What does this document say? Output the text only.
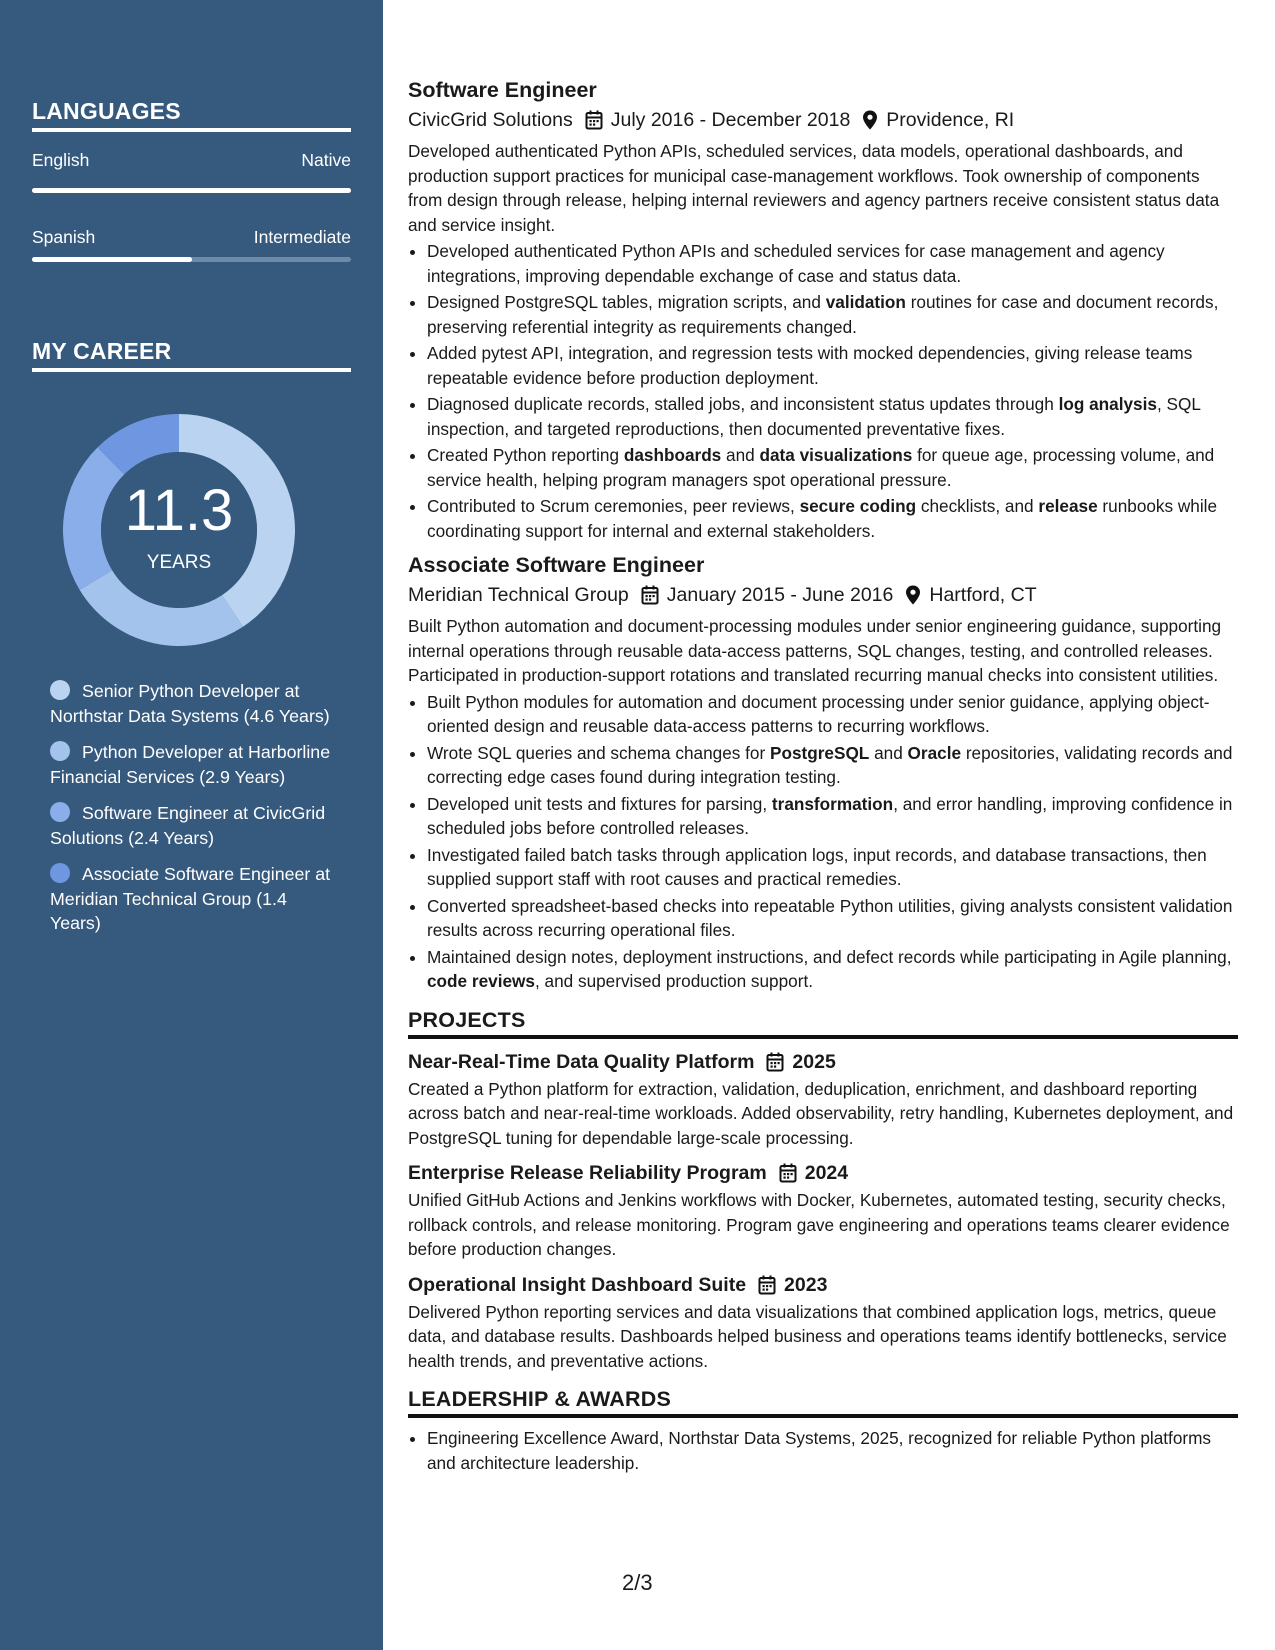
LANGUAGES
English	Native
Spanish	Intermediate
MY CAREER
11.3
YEARS
Senior Python Developer at Northstar Data Systems (4.6 Years)
Python Developer at Harborline Financial Services (2.9 Years)
Software Engineer at CivicGrid Solutions (2.4 Years)
Associate Software Engineer at Meridian Technical Group (1.4 Years)
Software Engineer
CivicGrid Solutions July 2016 - December 2018 Providence, RI

Developed authenticated Python APIs, scheduled services, data models, operational dashboards, and production support practices for municipal case-management workflows. Took ownership of components from design through release, helping internal reviewers and agency partners receive consistent status data and service insight.

• Developed authenticated Python APIs and scheduled services for case management and agency integrations, improving dependable exchange of case and status data.
• Designed PostgreSQL tables, migration scripts, and validation routines for case and document records, preserving referential integrity as requirements changed.
• Added pytest API, integration, and regression tests with mocked dependencies, giving release teams repeatable evidence before production deployment.
• Diagnosed duplicate records, stalled jobs, and inconsistent status updates through log analysis, SQL inspection, and targeted reproductions, then documented preventative fixes.
• Created Python reporting dashboards and data visualizations for queue age, processing volume, and service health, helping program managers spot operational pressure.
• Contributed to Scrum ceremonies, peer reviews, secure coding checklists, and release runbooks while coordinating support for internal and external stakeholders.
Associate Software Engineer
Meridian Technical Group January 2015 - June 2016 Hartford, CT

Built Python automation and document-processing modules under senior engineering guidance, supporting internal operations through reusable data-access patterns, SQL changes, testing, and controlled releases. Participated in production-support rotations and translated recurring manual checks into consistent utilities.

• Built Python modules for automation and document processing under senior guidance, applying object-oriented design and reusable data-access patterns to recurring workflows.
• Wrote SQL queries and schema changes for PostgreSQL and Oracle repositories, validating records and correcting edge cases found during integration testing.
• Developed unit tests and fixtures for parsing, transformation, and error handling, improving confidence in scheduled jobs before controlled releases.
• Investigated failed batch tasks through application logs, input records, and database transactions, then supplied support staff with root causes and practical remedies.
• Converted spreadsheet-based checks into repeatable Python utilities, giving analysts consistent validation results across recurring operational files.
• Maintained design notes, deployment instructions, and defect records while participating in Agile planning, code reviews, and supervised production support.
PROJECTS
Near-Real-Time Data Quality Platform 2025

Created a Python platform for extraction, validation, deduplication, enrichment, and dashboard reporting across batch and near-real-time workloads. Added observability, retry handling, Kubernetes deployment, and PostgreSQL tuning for dependable large-scale processing.

Enterprise Release Reliability Program 2024

Unified GitHub Actions and Jenkins workflows with Docker, Kubernetes, automated testing, security checks, rollback controls, and release monitoring. Program gave engineering and operations teams clearer evidence before production changes.

Operational Insight Dashboard Suite 2023

Delivered Python reporting services and data visualizations that combined application logs, metrics, queue data, and database results. Dashboards helped business and operations teams identify bottlenecks, service health trends, and preventative actions.

LEADERSHIP & AWARDS
• Engineering Excellence Award, Northstar Data Systems, 2025, recognized for reliable Python platforms and architecture leadership.
2/3
